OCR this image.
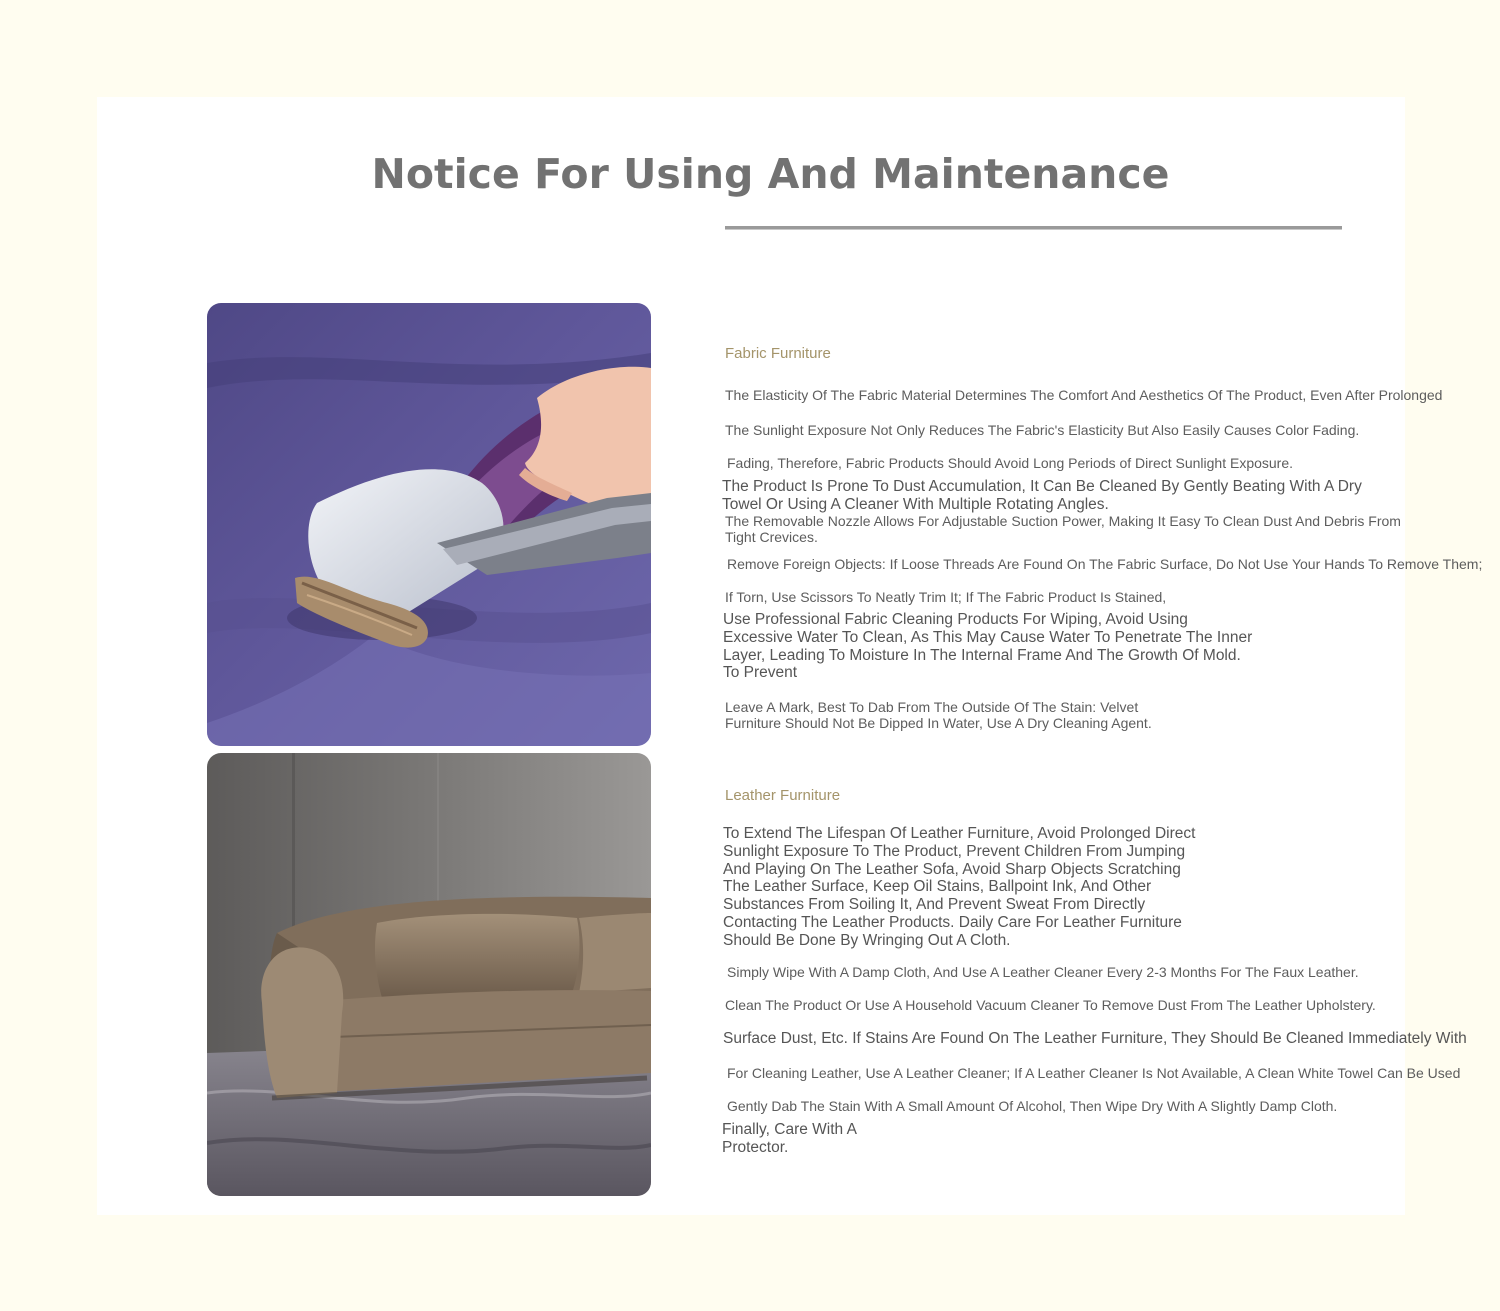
Notice For Using And Maintenance
Fabric Furniture

The Elasticity Of The Fabric Material Determines The Comfort And Aesthetics Of The Product, Even After Prolonged

The Sunlight Exposure Not Only Reduces The Fabric's Elasticity But Also Easily Causes Color Fading.

Fading, Therefore, Fabric Products Should Avoid Long Periods of Direct Sunlight Exposure.

The Product Is Prone To Dust Accumulation, It Can Be Cleaned By Gently Beating With A Dry Towel Or Using A Cleaner With Multiple Rotating Angles.

The Removable Nozzle Allows For Adjustable Suction Power, Making It Easy To Clean Dust And Debris From Tight Crevices.

Remove Foreign Objects: If Loose Threads Are Found On The Fabric Surface, Do Not Use Your Hands To Remove Them;

If Torn, Use Scissors To Neatly Trim It; If The Fabric Product Is Stained,

Use Professional Fabric Cleaning Products For Wiping, Avoid Using Excessive Water To Clean, As This May Cause Water To Penetrate The Inner Layer, Leading To Moisture In The Internal Frame And The Growth Of Mold. To Prevent

Leave A Mark, Best To Dab From The Outside Of The Stain: Velvet Furniture Should Not Be Dipped In Water, Use A Dry Cleaning Agent.

Leather Furniture

To Extend The Lifespan Of Leather Furniture, Avoid Prolonged Direct Sunlight Exposure To The Product, Prevent Children From Jumping And Playing On The Leather Sofa, Avoid Sharp Objects Scratching The Leather Surface, Keep Oil Stains, Ballpoint Ink, And Other Substances From Soiling It, And Prevent Sweat From Directly Contacting The Leather Products. Daily Care For Leather Furniture Should Be Done By Wringing Out A Cloth.

Simply Wipe With A Damp Cloth, And Use A Leather Cleaner Every 2-3 Months For The Faux Leather.

Clean The Product Or Use A Household Vacuum Cleaner To Remove Dust From The Leather Upholstery.

Surface Dust, Etc. If Stains Are Found On The Leather Furniture, They Should Be Cleaned Immediately With

For Cleaning Leather, Use A Leather Cleaner; If A Leather Cleaner Is Not Available, A Clean White Towel Can Be Used

Gently Dab The Stain With A Small Amount Of Alcohol, Then Wipe Dry With A Slightly Damp Cloth.

Finally, Care With A Protector.
